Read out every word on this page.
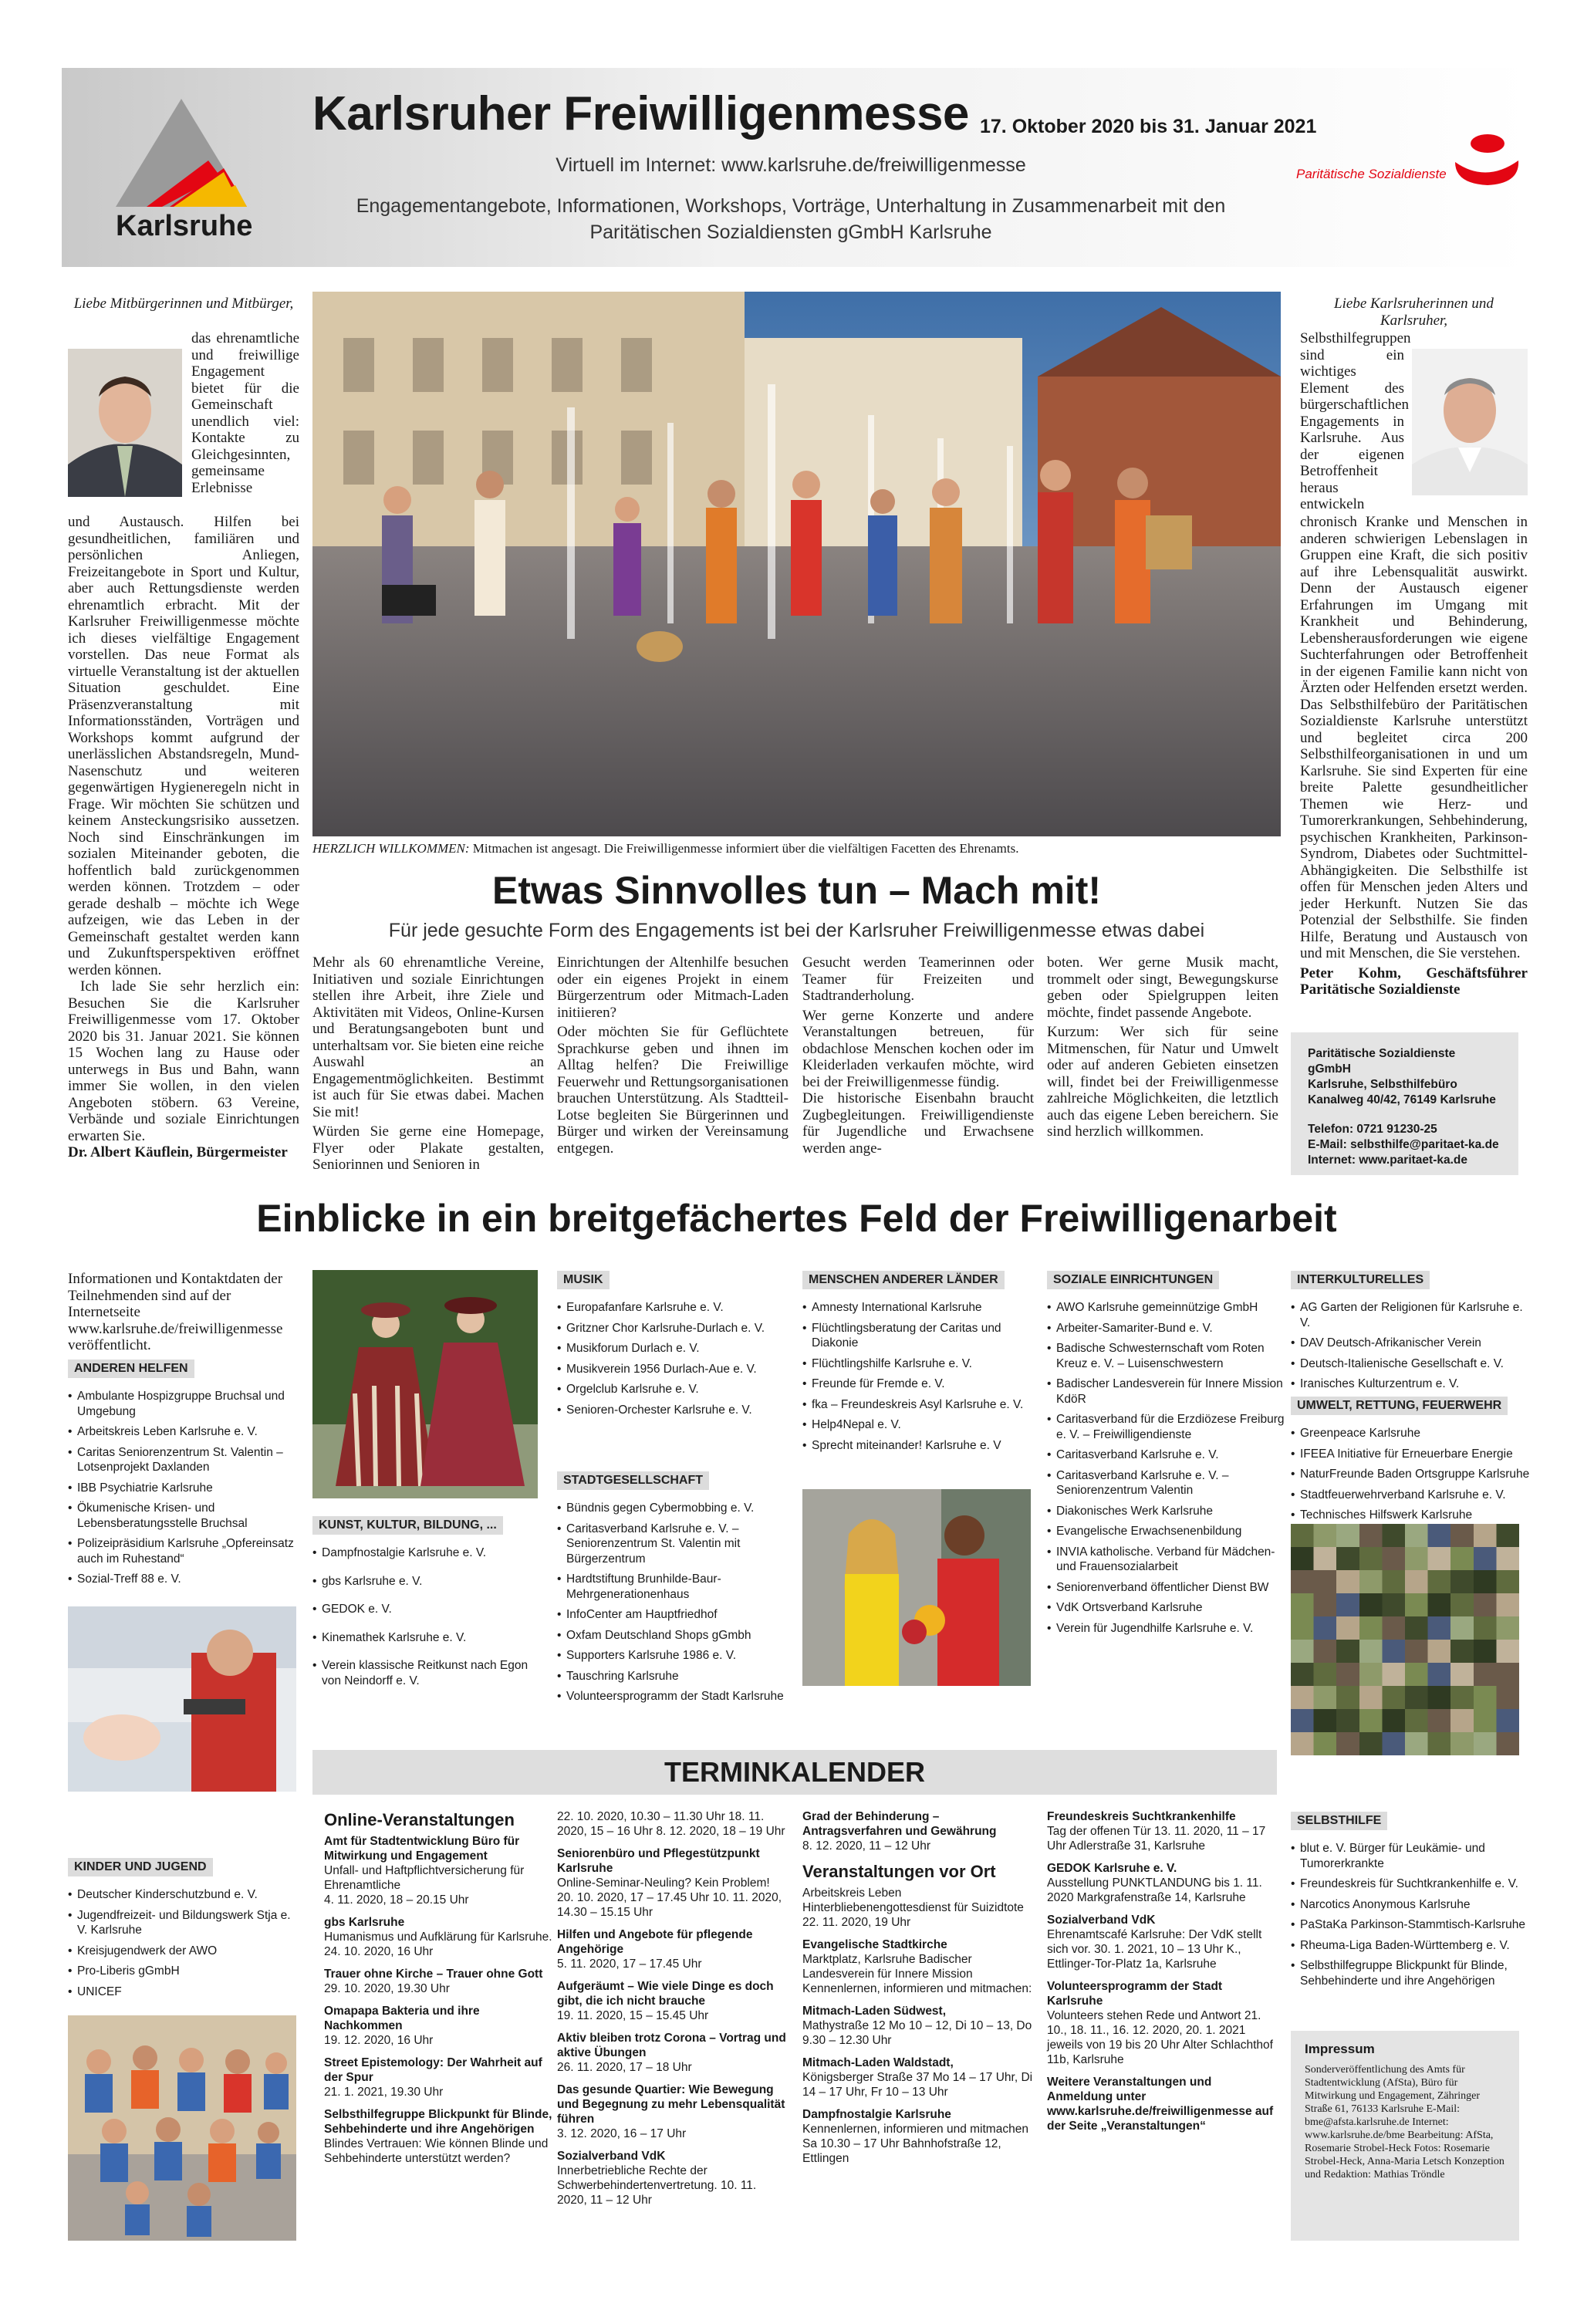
Karlsruhe
Karlsruher Freiwilligenmesse 17. Oktober 2020 bis 31. Januar 2021
Virtuell im Internet: www.karlsruhe.de/freiwilligenmesse
Engagementangebote, Informationen, Workshops, Vorträge, Unterhaltung in Zusammenarbeit mit den
Paritätischen Sozialdiensten gGmbH Karlsruhe
Paritätische Sozialdienste
Liebe Mitbürgerinnen und Mitbürger,
das ehrenamtliche und freiwillige Engagement bietet für die Gemeinschaft unendlich viel: Kontakte zu Gleichgesinnten, gemeinsame Erlebnisse

und Austausch. Hilfen bei gesundheitlichen, familiären und persönlichen Anliegen, Freizeitangebote in Sport und Kultur, aber auch Rettungsdienste werden ehrenamtlich erbracht. Mit der Karlsruher Freiwilligenmesse möchte ich dieses vielfältige Engagement vorstellen. Das neue Format als virtuelle Veranstaltung ist der aktuellen Situation geschuldet. Eine Präsenzveranstaltung mit Informationsständen, Vorträgen und Workshops kommt aufgrund der unerlässlichen Abstandsregeln, Mund-Nasenschutz und weiteren gegenwärtigen Hygieneregeln nicht in Frage. Wir möchten Sie schützen und keinem Ansteckungsrisiko aussetzen. Noch sind Einschränkungen im sozialen Miteinander geboten, die hoffentlich bald zurückgenommen werden können. Trotzdem – oder gerade deshalb – möchte ich Wege aufzeigen, wie das Leben in der Gemeinschaft gestaltet werden kann und Zukunftsperspektiven eröffnet werden können.

Ich lade Sie sehr herzlich ein: Besuchen Sie die Karlsruher Freiwilligenmesse vom 17. Oktober 2020 bis 31. Januar 2021. Sie können 15 Wochen lang zu Hause oder unterwegs in Bus und Bahn, wann immer Sie wollen, in den vielen Angeboten stöbern. 63 Vereine, Verbände und soziale Einrichtungen erwarten Sie.

Dr. Albert Käuflein, Bürgermeister

Liebe Karlsruherinnen und Karlsruher,
Selbsthilfegruppen sind ein wichtiges Element des bürgerschaftlichen Engagements in Karlsruhe. Aus der eigenen Betroffenheit heraus entwickeln

chronisch Kranke und Menschen in anderen schwierigen Lebenslagen in Gruppen eine Kraft, die sich positiv auf ihre Lebensqualität auswirkt. Denn der Austausch eigener Erfahrungen im Umgang mit Krankheit und Behinderung, Lebensherausforderungen wie eigene Suchterfahrungen oder Betroffenheit in der eigenen Familie kann nicht von Ärzten oder Helfenden ersetzt werden. Das Selbsthilfebüro der Paritätischen Sozialdienste Karlsruhe unterstützt und begleitet circa 200 Selbsthilfeorganisationen in und um Karlsruhe. Sie sind Experten für eine breite Palette gesundheitlicher Themen wie Herz- und Tumorerkrankungen, Sehbehinderung, psychischen Krankheiten, Parkinson-Syndrom, Diabetes oder Suchtmittel-Abhängigkeiten. Die Selbsthilfe ist offen für Menschen jeden Alters und jeder Herkunft. Nutzen Sie das Potenzial der Selbsthilfe. Sie finden Hilfe, Beratung und Austausch von und mit Menschen, die Sie verstehen.

Peter Kohm, Geschäftsführer Paritätische Sozialdienste

HERZLICH WILLKOMMEN: Mitmachen ist angesagt. Die Freiwilligenmesse informiert über die vielfältigen Facetten des Ehrenamts.
Etwas Sinnvolles tun – Mach mit!
Für jede gesuchte Form des Engagements ist bei der Karlsruher Freiwilligenmesse etwas dabei

Mehr als 60 ehrenamtliche Vereine, Initiativen und soziale Einrichtungen stellen ihre Arbeit, ihre Ziele und Aktivitäten mit Videos, Online-Kursen und Beratungsangeboten bunt und unterhaltsam vor. Sie bieten eine reiche Auswahl an Engagementmöglichkeiten. Bestimmt ist auch für Sie etwas dabei. Machen Sie mit!

Würden Sie gerne eine Homepage, Flyer oder Plakate gestalten, Seniorinnen und Senioren in

Einrichtungen der Altenhilfe besuchen oder ein eigenes Projekt in einem Bürgerzentrum oder Mitmach-Laden initiieren?

Oder möchten Sie für Geflüchtete Sprachkurse geben und ihnen im Alltag helfen? Die Freiwillige Feuerwehr und Rettungsorganisationen brauchen Unterstützung. Als Stadtteil-Lotse begleiten Sie Bürgerinnen und Bürger und wirken der Vereinsamung entgegen.

Gesucht werden Teamerinnen oder Teamer für Freizeiten und Stadtranderholung.

Wer gerne Konzerte und andere Veranstaltungen betreuen, für obdachlose Menschen kochen oder im Kleiderladen verkaufen möchte, wird bei der Freiwilligenmesse fündig.

Die historische Eisenbahn braucht Zugbegleitungen. Freiwilligendienste für Jugendliche und Erwachsene werden ange-

boten. Wer gerne Musik macht, trommelt oder singt, Bewegungskurse geben oder Spielgruppen leiten möchte, findet passende Angebote.

Kurzum: Wer sich für seine Mitmenschen, für Natur und Umwelt oder auf anderen Gebieten einsetzen will, findet bei der Freiwilligenmesse zahlreiche Möglichkeiten, die letztlich auch das eigene Leben bereichern. Sie sind herzlich willkommen.

Paritätische Sozialdienste gGmbH
Karlsruhe, Selbsthilfebüro
Kanalweg 40/42, 76149 Karlsruhe
Telefon: 0721 91230-25
E-Mail: selbsthilfe@paritaet-ka.de
Internet: www.paritaet-ka.de
Einblicke in ein breitgefächertes Feld der Freiwilligenarbeit
Informationen und Kontaktdaten der Teilnehmenden sind auf der Internetseite www.karlsruhe.de/freiwilligenmesse veröffentlicht.
ANDEREN HELFEN
• Ambulante Hospizgruppe Bruchsal und Umgebung
• Arbeitskreis Leben Karlsruhe e. V.
• Caritas Seniorenzentrum St. Valentin – Lotsenprojekt Daxlanden
• IBB Psychiatrie Karlsruhe
• Ökumenische Krisen- und Lebensberatungsstelle Bruchsal
• Polizeipräsidium Karlsruhe „Opfereinsatz auch im Ruhestand“
• Sozial-Treff 88 e. V.
KINDER UND JUGEND
• Deutscher Kinderschutzbund e. V.
• Jugendfreizeit- und Bildungswerk Stja e. V. Karlsruhe
• Kreisjugendwerk der AWO
• Pro-Liberis gGmbH
• UNICEF
KUNST, KULTUR, BILDUNG, ...
• Dampfnostalgie Karlsruhe e. V.
• gbs Karlsruhe e. V.
• GEDOK e. V.
• Kinemathek Karlsruhe e. V.
• Verein klassische Reitkunst nach Egon von Neindorff e. V.
MUSIK
• Europafanfare Karlsruhe e. V.
• Gritzner Chor Karlsruhe-Durlach e. V.
• Musikforum Durlach e. V.
• Musikverein 1956 Durlach-Aue e. V.
• Orgelclub Karlsruhe e. V.
• Senioren-Orchester Karlsruhe e. V.
STADTGESELLSCHAFT
• Bündnis gegen Cybermobbing e. V.
• Caritasverband Karlsruhe e. V. – Seniorenzentrum St. Valentin mit Bürgerzentrum
• Hardtstiftung Brunhilde-Baur-Mehrgenerationenhaus
• InfoCenter am Hauptfriedhof
• Oxfam Deutschland Shops gGmbh
• Supporters Karlsruhe 1986 e. V.
• Tauschring Karlsruhe
• Volunteersprogramm der Stadt Karlsruhe
MENSCHEN ANDERER LÄNDER
• Amnesty International Karlsruhe
• Flüchtlingsberatung der Caritas und Diakonie
• Flüchtlingshilfe Karlsruhe e. V.
• Freunde für Fremde e. V.
• fka – Freundeskreis Asyl Karlsruhe e. V.
• Help4Nepal e. V.
• Sprecht miteinander! Karlsruhe e. V
SOZIALE EINRICHTUNGEN
• AWO Karlsruhe gemeinnützige GmbH
• Arbeiter-Samariter-Bund e. V.
• Badische Schwesternschaft vom Roten Kreuz e. V. – Luisenschwestern
• Badischer Landesverein für Innere Mission KdöR
• Caritasverband für die Erzdiözese Freiburg e. V. – Freiwilligendienste
• Caritasverband Karlsruhe e. V.
• Caritasverband Karlsruhe e. V. – Seniorenzentrum Valentin
• Diakonisches Werk Karlsruhe
• Evangelische Erwachsenenbildung
• INVIA katholische. Verband für Mädchen- und Frauensozialarbeit
• Seniorenverband öffentlicher Dienst BW
• VdK Ortsverband Karlsruhe
• Verein für Jugendhilfe Karlsruhe e. V.
INTERKULTURELLES
• AG Garten der Religionen für Karlsruhe e. V.
• DAV Deutsch-Afrikanischer Verein
• Deutsch-Italienische Gesellschaft e. V.
• Iranisches Kulturzentrum e. V.
UMWELT, RETTUNG, FEUERWEHR
• Greenpeace Karlsruhe
• IFEEA Initiative für Erneuerbare Energie
• NaturFreunde Baden Ortsgruppe Karlsruhe
• Stadtfeuerwehrverband Karlsruhe e. V.
• Technisches Hilfswerk Karlsruhe
SELBSTHILFE
• blut e. V. Bürger für Leukämie- und Tumorerkrankte
• Freundeskreis für Suchtkrankenhilfe e. V.
• Narcotics Anonymous Karlsruhe
• PaStaKa Parkinson-Stammtisch-Karlsruhe
• Rheuma-Liga Baden-Württemberg e. V.
• Selbsthilfegruppe Blickpunkt für Blinde, Sehbehinderte und ihre Angehörigen
Impressum
Sonderveröffentlichung des Amts für Stadtentwicklung (AfSta), Büro für Mitwirkung und Engagement, Zähringer Straße 61, 76133 Karlsruhe E-Mail: bme@afsta.karlsruhe.de Internet: www.karlsruhe.de/bme Bearbeitung: AfSta, Rosemarie Strobel-Heck Fotos: Rosemarie Strobel-Heck, Anna-Maria Letsch Konzeption und Redaktion: Mathias Tröndle
TERMINKALENDER
Online-Veranstaltungen
Amt für Stadtentwicklung Büro für Mitwirkung und Engagement
Unfall- und Haftpflichtversicherung für Ehrenamtliche
4. 11. 2020, 18 – 20.15 Uhr
gbs Karlsruhe
Humanismus und Aufklärung für Karlsruhe. 24. 10. 2020, 16 Uhr
Trauer ohne Kirche – Trauer ohne Gott
29. 10. 2020, 19.30 Uhr
Omapapa Bakteria und ihre Nachkommen
19. 12. 2020, 16 Uhr
Street Epistemology: Der Wahrheit auf der Spur
21. 1. 2021, 19.30 Uhr
Selbsthilfegruppe Blickpunkt für Blinde, Sehbehinderte und ihre Angehörigen
Blindes Vertrauen: Wie können Blinde und Sehbehinderte unterstützt werden?
22. 10. 2020, 10.30 – 11.30 Uhr 18. 11. 2020, 15 – 16 Uhr 8. 12. 2020, 18 – 19 Uhr
Seniorenbüro und Pflegestützpunkt Karlsruhe
Online-Seminar-Neuling? Kein Problem! 20. 10. 2020, 17 – 17.45 Uhr 10. 11. 2020, 14.30 – 15.15 Uhr
Hilfen und Angebote für pflegende Angehörige
5. 11. 2020, 17 – 17.45 Uhr
Aufgeräumt – Wie viele Dinge es doch gibt, die ich nicht brauche
19. 11. 2020, 15 – 15.45 Uhr
Aktiv bleiben trotz Corona – Vortrag und aktive Übungen
26. 11. 2020, 17 – 18 Uhr
Das gesunde Quartier: Wie Bewegung und Begegnung zu mehr Lebensqualität führen
3. 12. 2020, 16 – 17 Uhr
Sozialverband VdK
Innerbetriebliche Rechte der Schwerbehindertenvertretung. 10. 11. 2020, 11 – 12 Uhr
Grad der Behinderung – Antragsverfahren und Gewährung
8. 12. 2020, 11 – 12 Uhr
Veranstaltungen vor Ort
Arbeitskreis Leben Hinterbliebenengottesdienst für Suizidtote 22. 11. 2020, 19 Uhr
Evangelische Stadtkirche
Marktplatz, Karlsruhe Badischer Landesverein für Innere Mission Kennenlernen, informieren und mitmachen:
Mitmach-Laden Südwest,
Mathystraße 12 Mo 10 – 12, Di 10 – 13, Do 9.30 – 12.30 Uhr
Mitmach-Laden Waldstadt,
Königsberger Straße 37 Mo 14 – 17 Uhr, Di 14 – 17 Uhr, Fr 10 – 13 Uhr
Dampfnostalgie Karlsruhe
Kennenlernen, informieren und mitmachen Sa 10.30 – 17 Uhr Bahnhofstraße 12, Ettlingen
Freundeskreis Suchtkrankenhilfe
Tag der offenen Tür 13. 11. 2020, 11 – 17 Uhr Adlerstraße 31, Karlsruhe
GEDOK Karlsruhe e. V.
Ausstellung PUNKTLANDUNG bis 1. 11. 2020 Markgrafenstraße 14, Karlsruhe
Sozialverband VdK
Ehrenamtscafé Karlsruhe: Der VdK stellt sich vor. 30. 1. 2021, 10 – 13 Uhr K., Ettlinger-Tor-Platz 1a, Karlsruhe
Volunteersprogramm der Stadt Karlsruhe
Volunteers stehen Rede und Antwort 21. 10., 18. 11., 16. 12. 2020, 20. 1. 2021 jeweils von 19 bis 20 Uhr Alter Schlachthof 11b, Karlsruhe
Weitere Veranstaltungen und Anmeldung unter www.karlsruhe.de/freiwilligenmesse auf der Seite „Veranstaltungen“
